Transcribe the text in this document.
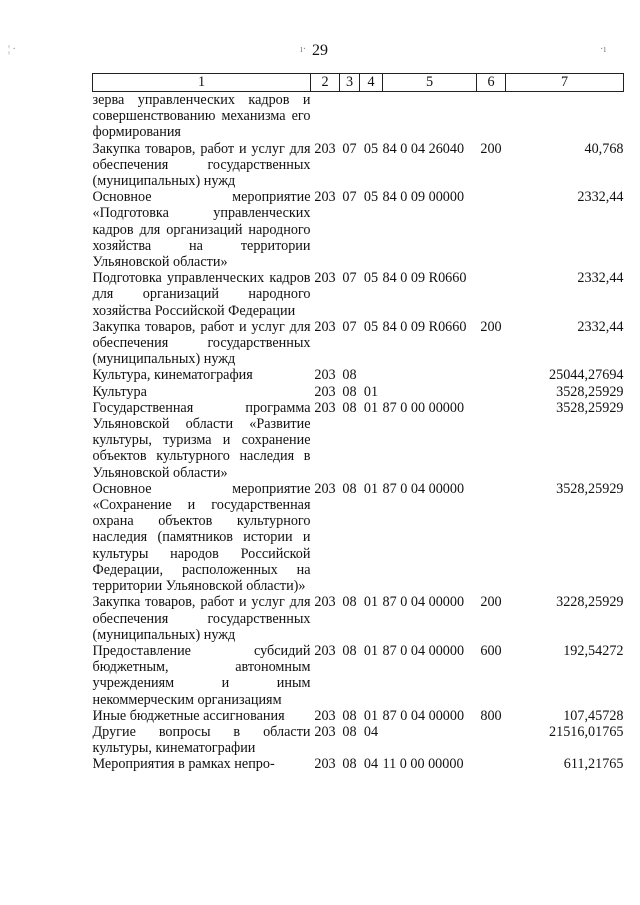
¦ ·	ı·	·ı
29
1	2	3	4	5	6	7
зерва управленческих кадров и совершенствованию механизма его формирования						
Закупка товаров, работ и услуг для обеспечения государственных (муниципальных) нужд	203	07	05	84 0 04 26040	200	40,768
Основное мероприятие «Подготовка управленческих кадров для организаций народного хозяйства на территории Ульяновской области»	203	07	05	84 0 09 00000		2332,44
Подготовка управленческих кадров для организаций народного хозяйства Российской Федерации	203	07	05	84 0 09 R0660		2332,44
Закупка товаров, работ и услуг для обеспечения государственных (муниципальных) нужд	203	07	05	84 0 09 R0660	200	2332,44
Культура, кинематография	203	08				25044,27694
Культура	203	08	01			3528,25929
Государственная программа Ульяновской области «Развитие культуры, туризма и сохранение объектов культурного наследия в Ульяновской области»	203	08	01	87 0 00 00000		3528,25929
Основное мероприятие «Сохранение и государственная охрана объектов культурного наследия (памятников истории и культуры народов Российской Федерации, расположенных на территории Ульяновской области)»	203	08	01	87 0 04 00000		3528,25929
Закупка товаров, работ и услуг для обеспечения государственных (муниципальных) нужд	203	08	01	87 0 04 00000	200	3228,25929
Предоставление субсидий бюджетным, автономным учреждениям и иным некоммерческим организациям	203	08	01	87 0 04 00000	600	192,54272
Иные бюджетные ассигнования	203	08	01	87 0 04 00000	800	107,45728
Другие вопросы в области культуры, кинематографии	203	08	04			21516,01765
Мероприятия в рамках непро-	203	08	04	11 0 00 00000		611,21765
